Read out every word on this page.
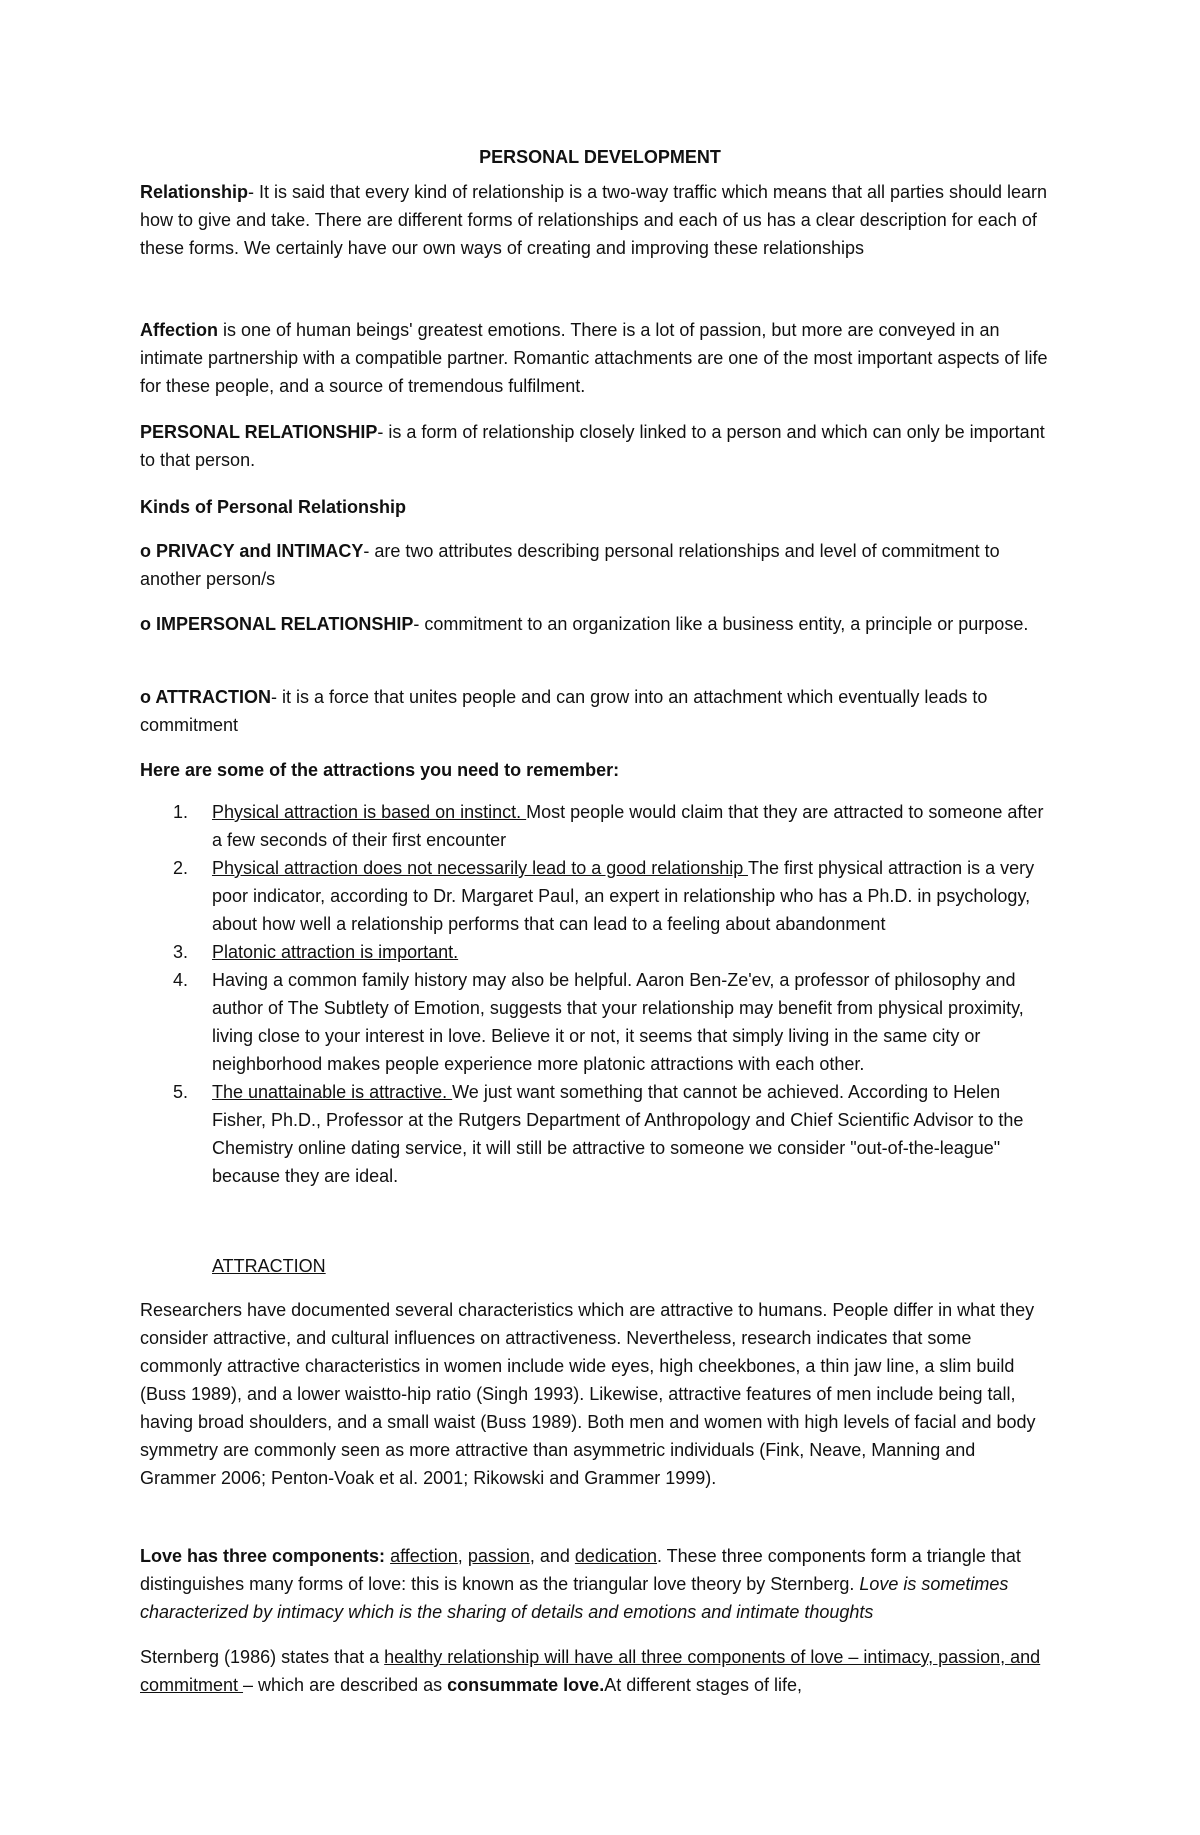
PERSONAL DEVELOPMENT

Relationship- It is said that every kind of relationship is a two-way traffic which means that all parties should learn how to give and take. There are different forms of relationships and each of us has a clear description for each of these forms. We certainly have our own ways of creating and improving these relationships

Affection is one of human beings' greatest emotions. There is a lot of passion, but more are conveyed in an intimate partnership with a compatible partner. Romantic attachments are one of the most important aspects of life for these people, and a source of tremendous fulfilment.

PERSONAL RELATIONSHIP- is a form of relationship closely linked to a person and which can only be important to that person.

Kinds of Personal Relationship

o PRIVACY and INTIMACY- are two attributes describing personal relationships and level of commitment to another person/s

o IMPERSONAL RELATIONSHIP- commitment to an organization like a business entity, a principle or purpose.

o ATTRACTION- it is a force that unites people and can grow into an attachment which eventually leads to commitment

Here are some of the attractions you need to remember:

1. Physical attraction is based on instinct. Most people would claim that they are attracted to someone after a few seconds of their first encounter
2. Physical attraction does not necessarily lead to a good relationship The first physical attraction is a very poor indicator, according to Dr. Margaret Paul, an expert in relationship who has a Ph.D. in psychology, about how well a relationship performs that can lead to a feeling about abandonment
3. Platonic attraction is important.
4. Having a common family history may also be helpful. Aaron Ben-Ze'ev, a professor of philosophy and author of The Subtlety of Emotion, suggests that your relationship may benefit from physical proximity, living close to your interest in love. Believe it or not, it seems that simply living in the same city or neighborhood makes people experience more platonic attractions with each other.
5. The unattainable is attractive. We just want something that cannot be achieved. According to Helen Fisher, Ph.D., Professor at the Rutgers Department of Anthropology and Chief Scientific Advisor to the Chemistry online dating service, it will still be attractive to someone we consider "out-of-the-league" because they are ideal.
ATTRACTION

Researchers have documented several characteristics which are attractive to humans. People differ in what they consider attractive, and cultural influences on attractiveness. Nevertheless, research indicates that some commonly attractive characteristics in women include wide eyes, high cheekbones, a thin jaw line, a slim build (Buss 1989), and a lower waistto-hip ratio (Singh 1993). Likewise, attractive features of men include being tall, having broad shoulders, and a small waist (Buss 1989). Both men and women with high levels of facial and body symmetry are commonly seen as more attractive than asymmetric individuals (Fink, Neave, Manning and Grammer 2006; Penton-Voak et al. 2001; Rikowski and Grammer 1999).

Love has three components: affection, passion, and dedication. These three components form a triangle that distinguishes many forms of love: this is known as the triangular love theory by Sternberg. Love is sometimes characterized by intimacy which is the sharing of details and emotions and intimate thoughts

Sternberg (1986) states that a healthy relationship will have all three components of love – intimacy, passion, and commitment – which are described as consummate love.At different stages of life,
